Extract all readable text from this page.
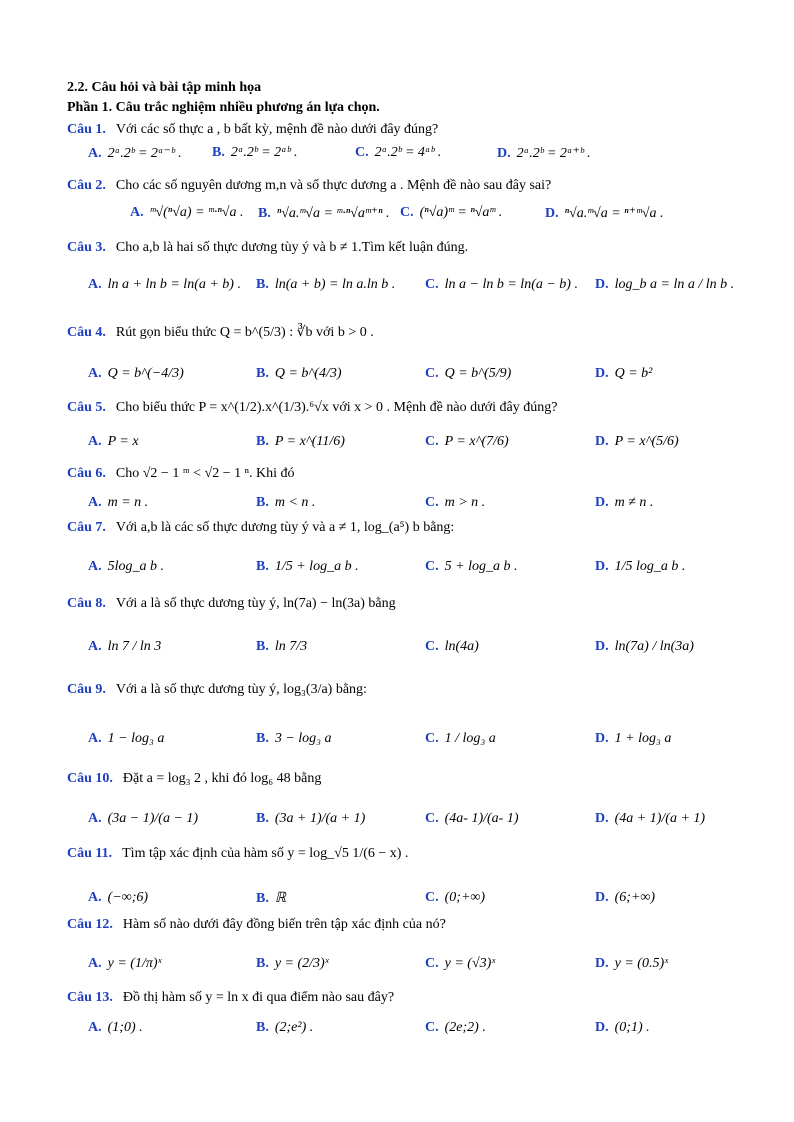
2.2. Câu hỏi và bài tập minh họa
Phần 1. Câu trắc nghiệm nhiều phương án lựa chọn.
Câu 1. Với các số thực a , b bất kỳ, mệnh đề nào dưới đây đúng?
A. 2ᵃ.2ᵇ = 2ᵃ⁻ᵇ . B. 2ᵃ.2ᵇ = 2ᵃᵇ .	C. 2ᵃ.2ᵇ = 4ᵃᵇ .	D. 2ᵃ.2ᵇ = 2ᵃ⁺ᵇ .
Câu 2. Cho các số nguyên dương m,n và số thực dương a . Mệnh đề nào sau đây sai?
A. ᵐ√(ⁿ√a) = ᵐ·ⁿ√a . B. ⁿ√a.ᵐ√a = ᵐ·ⁿ√aᵐ⁺ⁿ . C. (ⁿ√a)ᵐ = ⁿ√aᵐ .	D. ⁿ√a.ᵐ√a = ⁿ⁺ᵐ√a .
Câu 3. Cho a,b là hai số thực dương tùy ý và b ≠ 1.Tìm kết luận đúng.
A. ln a + ln b = ln(a + b) . B. ln(a + b) = ln a.ln b . C. ln a − ln b = ln(a − b) . D. log_b a = ln a / ln b .
Câu 4. Rút gọn biểu thức Q = b^(5/3) : ∛b với b > 0 .
A. Q = b^(−4/3)	B. Q = b^(4/3)	C. Q = b^(5/9)	D. Q = b²
Câu 5. Cho biểu thức P = x^(1/2).x^(1/3).⁶√x với x > 0 . Mệnh đề nào dưới đây đúng?
A. P = x	B. P = x^(11/6)	C. P = x^(7/6)	D. P = x^(5/6)
Câu 6. Cho √2 − 1 ᵐ < √2 − 1 ⁿ. Khi đó
A. m = n .	B. m < n .	C. m > n .	D. m ≠ n .
Câu 7. Với a,b là các số thực dương tùy ý và a ≠ 1, log_(a⁵) b bằng:
A. 5log_a b .	B. 1/5 + log_a b .	C. 5 + log_a b .	D. 1/5 log_a b .
Câu 8. Với a là số thực dương tùy ý, ln(7a) − ln(3a) bằng
A. ln 7 / ln 3	B. ln 7/3	C. ln(4a)	D. ln(7a) / ln(3a)
Câu 9. Với a là số thực dương tùy ý, log₃(3/a) bằng:
A. 1 − log₃ a	B. 3 − log₃ a	C. 1 / log₃ a	D. 1 + log₃ a
Câu 10. Đặt a = log₃ 2 , khi đó log₆ 48 bằng
A. (3a − 1)/(a − 1)	B. (3a + 1)/(a + 1)	C. (4a- 1)/(a- 1)	D. (4a + 1)/(a + 1)
Câu 11. Tìm tập xác định của hàm số y = log_√5 1/(6 − x) .
A. (−∞;6)	B. ℝ	C. (0;+∞)	D. (6;+∞)
Câu 12. Hàm số nào dưới đây đồng biến trên tập xác định của nó?
A. y = (1/π)ˣ	B. y = (2/3)ˣ	C. y = (√3)ˣ	D. y = (0.5)ˣ
Câu 13. Đồ thị hàm số y = ln x đi qua điểm nào sau đây?
A. (1;0) .	B. (2;e²) .	C. (2e;2) .	D. (0;1) .
